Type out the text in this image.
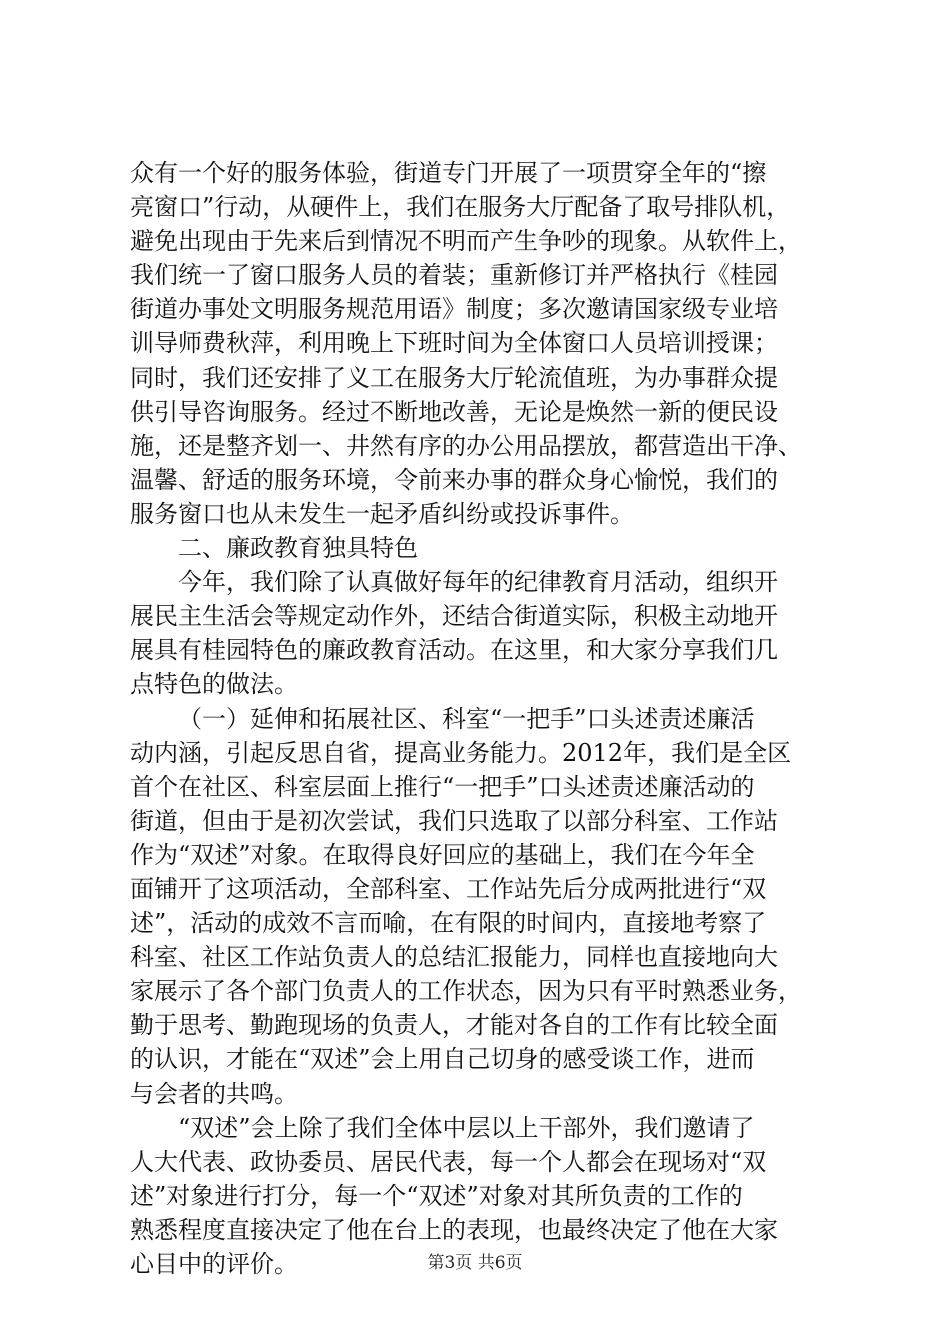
众有一个好的服务体验，街道专门开展了一项贯穿全年的“擦
亮窗口”行动，从硬件上，我们在服务大厅配备了取号排队机，
避免出现由于先来后到情况不明而产生争吵的现象。从软件上，
我们统一了窗口服务人员的着装；重新修订并严格执行《桂园
街道办事处文明服务规范用语》制度；多次邀请国家级专业培
训导师费秋萍，利用晚上下班时间为全体窗口人员培训授课；
同时，我们还安排了义工在服务大厅轮流值班，为办事群众提
供引导咨询服务。经过不断地改善，无论是焕然一新的便民设
施，还是整齐划一、井然有序的办公用品摆放，都营造出干净、
温馨、舒适的服务环境，令前来办事的群众身心愉悦，我们的
服务窗口也从未发生一起矛盾纠纷或投诉事件。
二、廉政教育独具特色
今年，我们除了认真做好每年的纪律教育月活动，组织开
展民主生活会等规定动作外，还结合街道实际，积极主动地开
展具有桂园特色的廉政教育活动。在这里，和大家分享我们几
点特色的做法。
（一）延伸和拓展社区、科室“一把手”口头述责述廉活
动内涵，引起反思自省，提高业务能力。2012年，我们是全区
首个在社区、科室层面上推行“一把手”口头述责述廉活动的
街道，但由于是初次尝试，我们只选取了以部分科室、工作站
作为“双述”对象。在取得良好回应的基础上，我们在今年全
面铺开了这项活动，全部科室、工作站先后分成两批进行“双
述”，活动的成效不言而喻，在有限的时间内，直接地考察了
科室、社区工作站负责人的总结汇报能力，同样也直接地向大
家展示了各个部门负责人的工作状态，因为只有平时熟悉业务，
勤于思考、勤跑现场的负责人，才能对各自的工作有比较全面
的认识，才能在“双述”会上用自己切身的感受谈工作，进而
与会者的共鸣。
“双述”会上除了我们全体中层以上干部外，我们邀请了
人大代表、政协委员、居民代表，每一个人都会在现场对“双
述”对象进行打分，每一个“双述”对象对其所负责的工作的
熟悉程度直接决定了他在台上的表现，也最终决定了他在大家
心目中的评价。	第3页 共6页
